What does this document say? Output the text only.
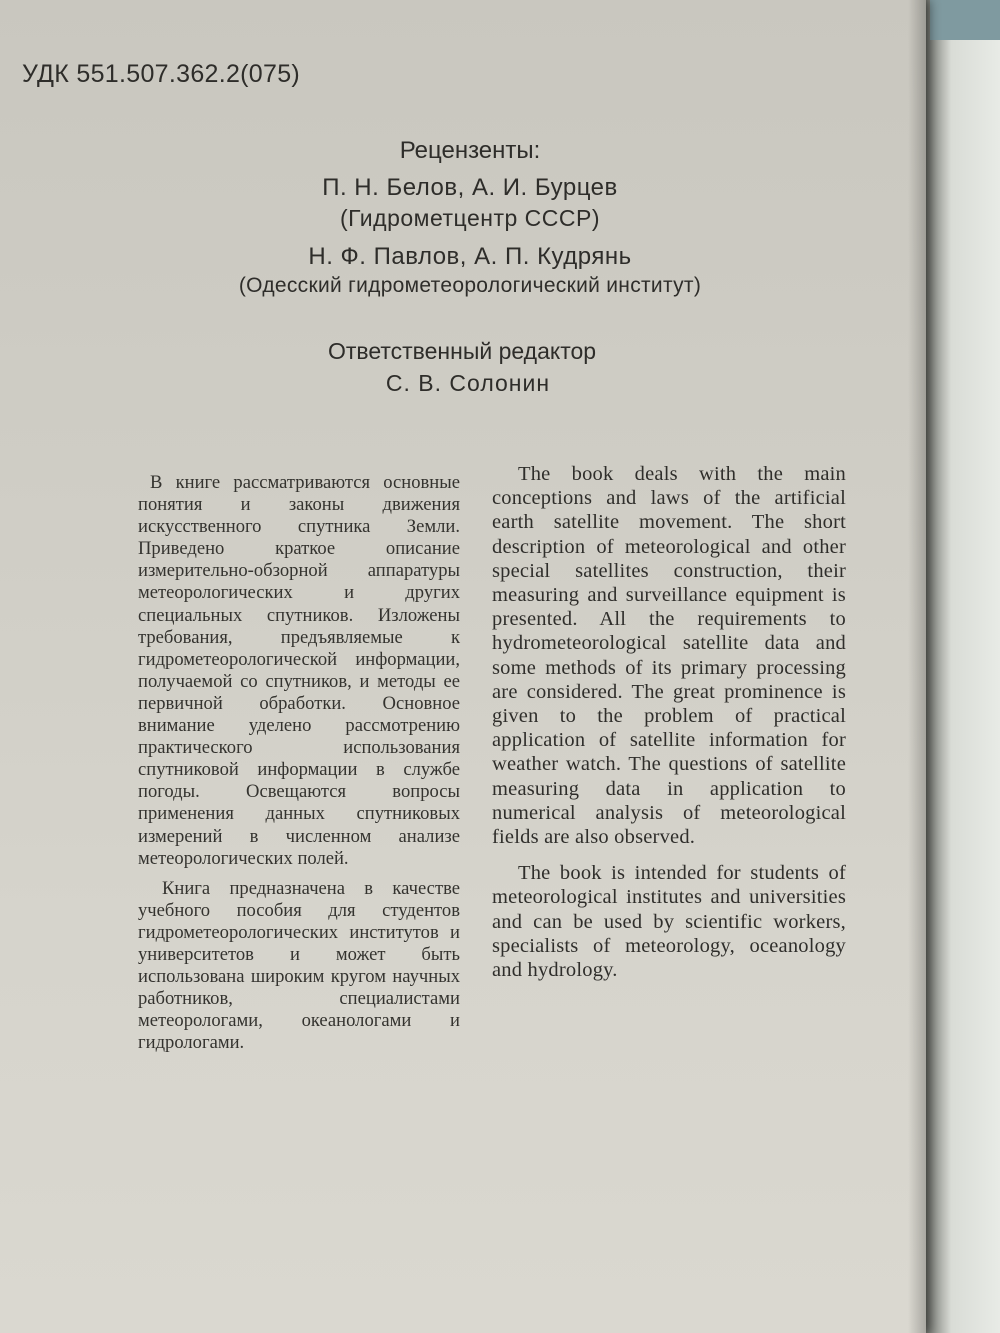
УДК 551.507.362.2(075)
Рецензенты:
П. Н. Белов, А. И. Бурцев
(Гидрометцентр СССР)
Н. Ф. Павлов, А. П. Кудрянь
(Одесский гидрометеорологический институт)
Ответственный редактор
С. В. Солонин

В книге рассматриваются основные понятия и законы движения искусственного спутника Земли. Приведено краткое описание измерительно-обзорной аппаратуры метеорологических и других специальных спутников. Изложены требования, предъявляемые к гидрометеорологической информации, получаемой со спутников, и методы ее первичной обработки. Основное внимание уделено рассмотрению практического использования спутниковой информации в службе погоды. Освещаются вопросы применения данных спутниковых измерений в численном анализе метеорологических полей.

Книга предназначена в качестве учебного пособия для студентов гидрометеорологических институтов и университетов и может быть использована широким кругом научных работников, специалистами метеорологами, океанологами и гидрологами.

The book deals with the main conceptions and laws of the artificial earth satellite movement. The short description of meteorological and other special satellites construction, their measuring and surveillance equipment is presented. All the requirements to hydrometeorological satellite data and some methods of its primary processing are considered. The great prominence is given to the problem of practical application of satellite information for weather watch. The questions of satellite measuring data in application to numerical analysis of meteorological fields are also observed.

The book is intended for students of meteorological institutes and universities and can be used by scientific workers, specialists of meteorology, oceanology and hydrology.
